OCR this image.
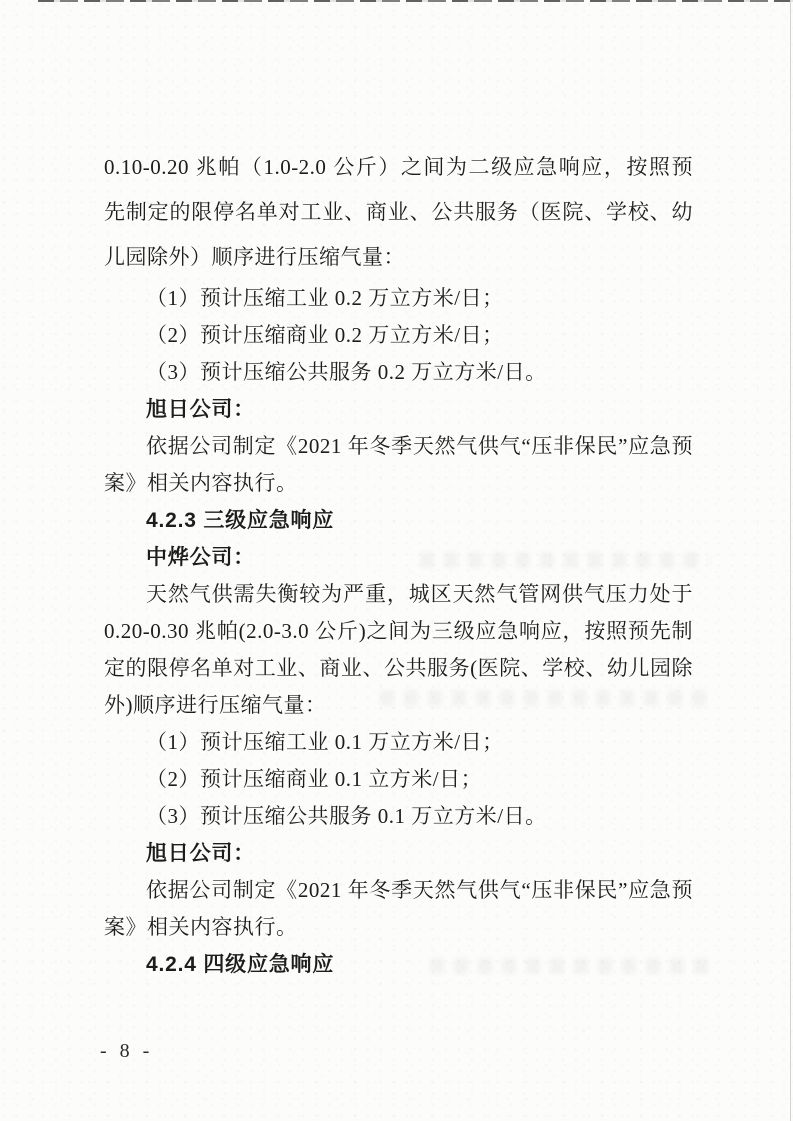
0.10-0.20 兆帕（1.0-2.0 公斤）之间为二级应急响应，按照预先制定的限停名单对工业、商业、公共服务（医院、学校、幼儿园除外）顺序进行压缩气量：

（1）预计压缩工业 0.2 万立方米/日；

（2）预计压缩商业 0.2 万立方米/日；

（3）预计压缩公共服务 0.2 万立方米/日。

旭日公司：

依据公司制定《2021 年冬季天然气供气“压非保民”应急预案》相关内容执行。

4.2.3 三级应急响应

中烨公司：

天然气供需失衡较为严重，城区天然气管网供气压力处于 0.20-0.30 兆帕(2.0-3.0 公斤)之间为三级应急响应，按照预先制定的限停名单对工业、商业、公共服务(医院、学校、幼儿园除外)顺序进行压缩气量：

（1）预计压缩工业 0.1 万立方米/日；

（2）预计压缩商业 0.1 立方米/日；

（3）预计压缩公共服务 0.1 万立方米/日。

旭日公司：

依据公司制定《2021 年冬季天然气供气“压非保民”应急预案》相关内容执行。

4.2.4 四级应急响应

- 8 -
